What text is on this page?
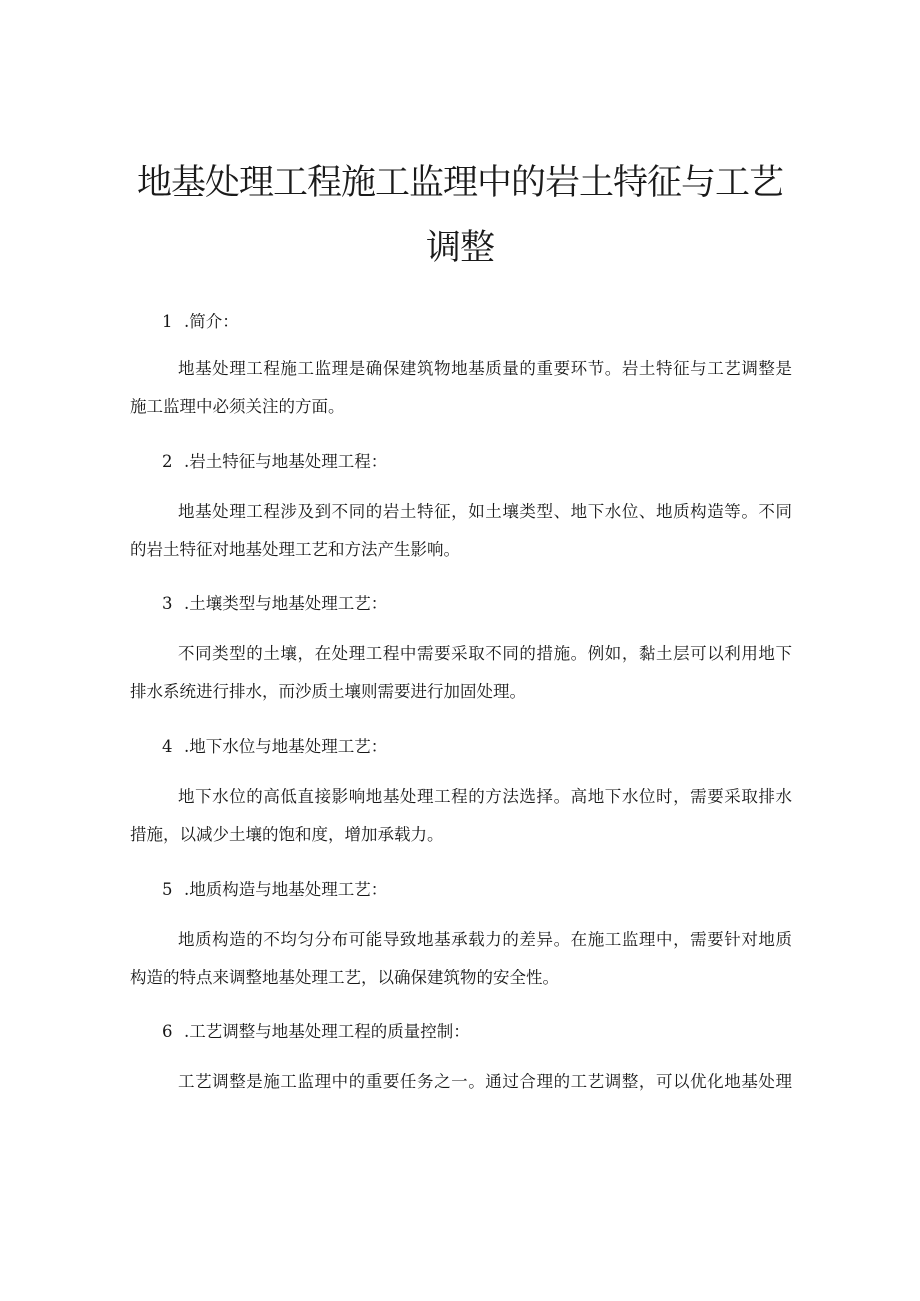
地基处理工程施工监理中的岩土特征与工艺
调整
1 .简介：
地基处理工程施工监理是确保建筑物地基质量的重要环节。岩土特征与工艺调整是
施工监理中必须关注的方面。
2 .岩土特征与地基处理工程：
地基处理工程涉及到不同的岩土特征，如土壤类型、地下水位、地质构造等。不同
的岩土特征对地基处理工艺和方法产生影响。
3 .土壤类型与地基处理工艺：
不同类型的土壤，在处理工程中需要采取不同的措施。例如，黏土层可以利用地下
排水系统进行排水，而沙质土壤则需要进行加固处理。
4 .地下水位与地基处理工艺：
地下水位的高低直接影响地基处理工程的方法选择。高地下水位时，需要采取排水
措施，以减少土壤的饱和度，增加承载力。
5 .地质构造与地基处理工艺：
地质构造的不均匀分布可能导致地基承载力的差异。在施工监理中，需要针对地质
构造的特点来调整地基处理工艺，以确保建筑物的安全性。
6 .工艺调整与地基处理工程的质量控制：
工艺调整是施工监理中的重要任务之一。通过合理的工艺调整，可以优化地基处理
